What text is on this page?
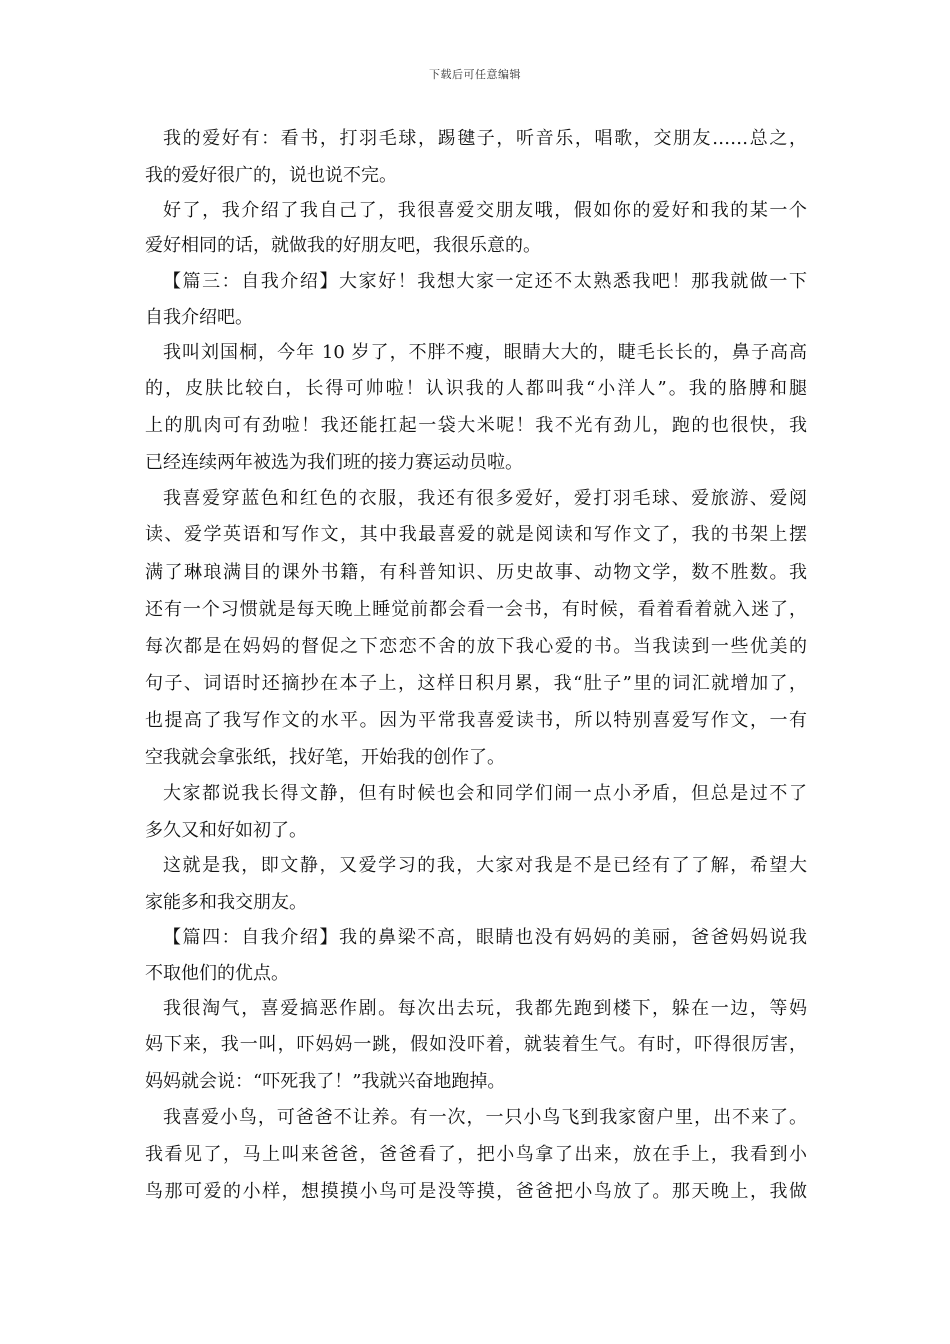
下载后可任意编辑
我的爱好有：看书，打羽毛球，踢毽子，听音乐，唱歌，交朋友……总之，
我的爱好很广的，说也说不完。
好了，我介绍了我自己了，我很喜爱交朋友哦，假如你的爱好和我的某一个
爱好相同的话，就做我的好朋友吧，我很乐意的。
【篇三：自我介绍】大家好！我想大家一定还不太熟悉我吧！那我就做一下
自我介绍吧。
我叫刘国桐，今年 10 岁了，不胖不瘦，眼睛大大的，睫毛长长的，鼻子高高
的，皮肤比较白，长得可帅啦！认识我的人都叫我“小洋人”。我的胳膊和腿
上的肌肉可有劲啦！我还能扛起一袋大米呢！我不光有劲儿，跑的也很快，我
已经连续两年被选为我们班的接力赛运动员啦。
我喜爱穿蓝色和红色的衣服，我还有很多爱好，爱打羽毛球、爱旅游、爱阅
读、爱学英语和写作文，其中我最喜爱的就是阅读和写作文了，我的书架上摆
满了琳琅满目的课外书籍，有科普知识、历史故事、动物文学，数不胜数。我
还有一个习惯就是每天晚上睡觉前都会看一会书，有时候，看着看着就入迷了，
每次都是在妈妈的督促之下恋恋不舍的放下我心爱的书。当我读到一些优美的
句子、词语时还摘抄在本子上，这样日积月累，我“肚子”里的词汇就增加了，
也提高了我写作文的水平。因为平常我喜爱读书，所以特别喜爱写作文，一有
空我就会拿张纸，找好笔，开始我的创作了。
大家都说我长得文静，但有时候也会和同学们闹一点小矛盾，但总是过不了
多久又和好如初了。
这就是我，即文静，又爱学习的我，大家对我是不是已经有了了解，希望大
家能多和我交朋友。
【篇四：自我介绍】我的鼻梁不高，眼睛也没有妈妈的美丽，爸爸妈妈说我
不取他们的优点。
我很淘气，喜爱搞恶作剧。每次出去玩，我都先跑到楼下，躲在一边，等妈
妈下来，我一叫，吓妈妈一跳，假如没吓着，就装着生气。有时，吓得很厉害，
妈妈就会说：“吓死我了！”我就兴奋地跑掉。
我喜爱小鸟，可爸爸不让养。有一次，一只小鸟飞到我家窗户里，出不来了。
我看见了，马上叫来爸爸，爸爸看了，把小鸟拿了出来，放在手上，我看到小
鸟那可爱的小样，想摸摸小鸟可是没等摸，爸爸把小鸟放了。那天晚上，我做
